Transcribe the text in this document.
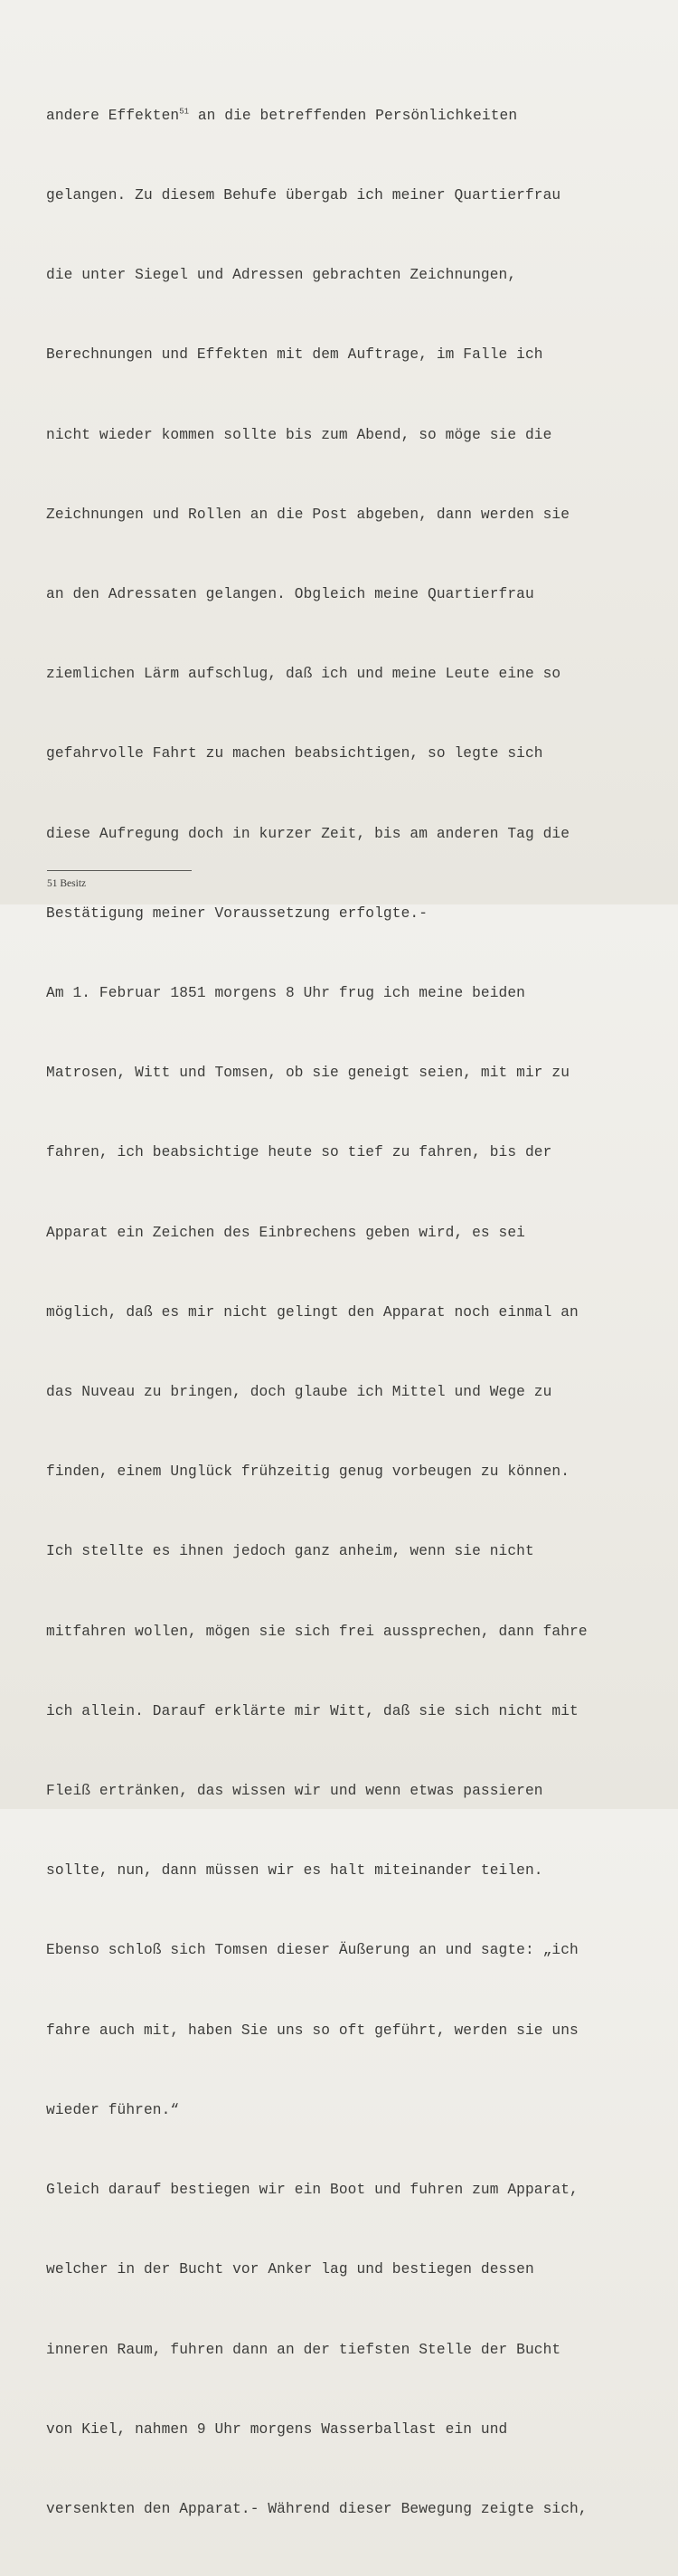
andere Effekten$^{51}$ an die betreffenden Persönlichkeiten

gelangen. Zu diesem Behufe übergab ich meiner Quartierfrau

die unter Siegel und Adressen gebrachten Zeichnungen,

Berechnungen und Effekten mit dem Auftrage, im Falle ich

nicht wieder kommen sollte bis zum Abend, so möge sie die

Zeichnungen und Rollen an die Post abgeben, dann werden sie

an den Adressaten gelangen. Obgleich meine Quartierfrau

ziemlichen Lärm aufschlug, daß ich und meine Leute eine so

gefahrvolle Fahrt zu machen beabsichtigen, so legte sich

diese Aufregung doch in kurzer Zeit, bis am anderen Tag die

Bestätigung meiner Voraussetzung erfolgte.-

Am 1. Februar 1851 morgens 8 Uhr frug ich meine beiden

Matrosen, Witt und Tomsen, ob sie geneigt seien, mit mir zu

fahren, ich beabsichtige heute so tief zu fahren, bis der

Apparat ein Zeichen des Einbrechens geben wird, es sei

möglich, daß es mir nicht gelingt den Apparat noch einmal an

das Nuveau zu bringen, doch glaube ich Mittel und Wege zu

finden, einem Unglück frühzeitig genug vorbeugen zu können.

Ich stellte es ihnen jedoch ganz anheim, wenn sie nicht

mitfahren wollen, mögen sie sich frei aussprechen, dann fahre

ich allein. Darauf erklärte mir Witt, daß sie sich nicht mit

Fleiß ertränken, das wissen wir und wenn etwas passieren

sollte, nun, dann müssen wir es halt miteinander teilen.

Ebenso schloß sich Tomsen dieser Äußerung an und sagte: „ich

fahre auch mit, haben Sie uns so oft geführt, werden sie uns

wieder führen.“

Gleich darauf bestiegen wir ein Boot und fuhren zum Apparat,

welcher in der Bucht vor Anker lag und bestiegen dessen

inneren Raum, fuhren dann an der tiefsten Stelle der Bucht

von Kiel, nahmen 9 Uhr morgens Wasserballast ein und

versenkten den Apparat.- Während dieser Bewegung zeigte sich,

51 Besitz
